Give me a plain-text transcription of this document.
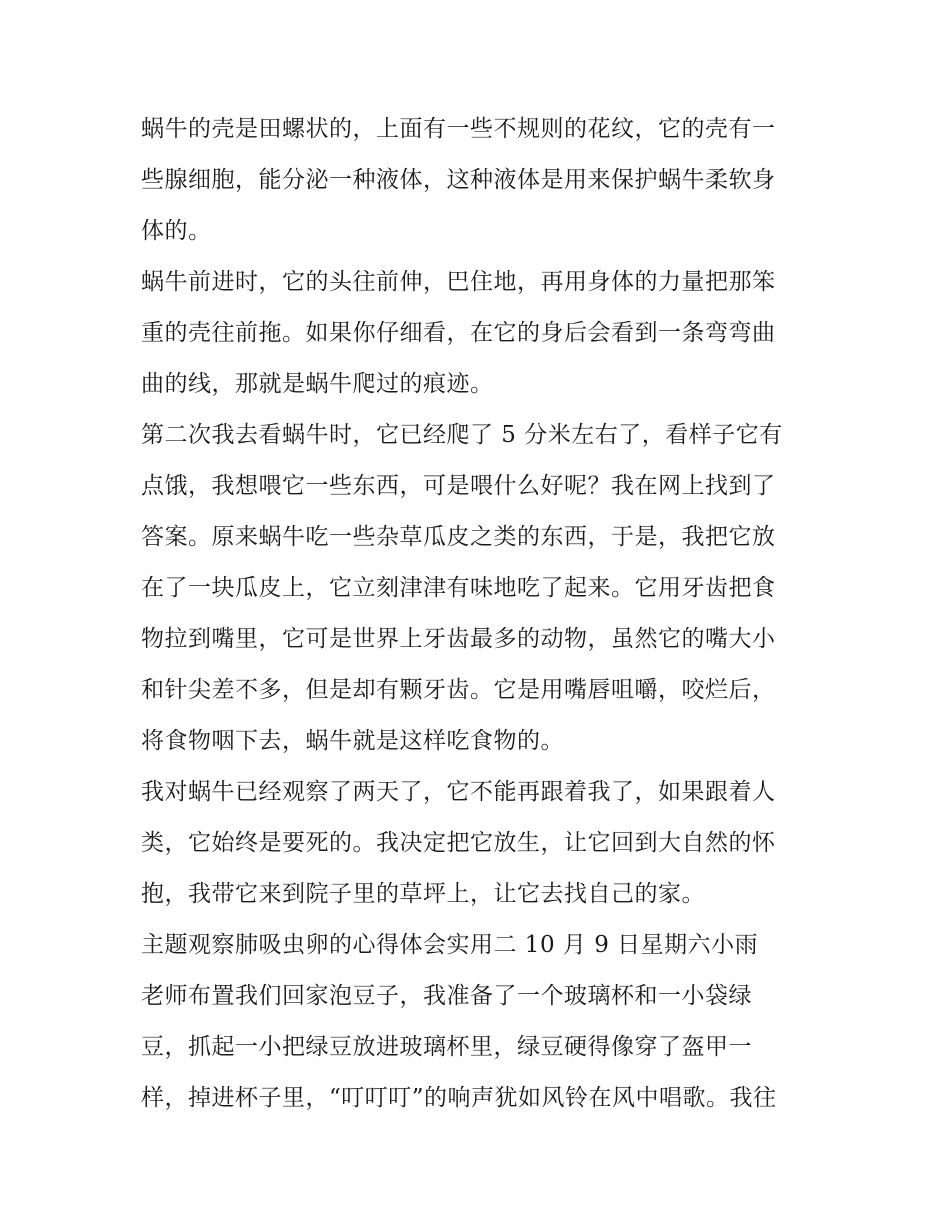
蜗牛的壳是田螺状的，上面有一些不规则的花纹，它的壳有一
些腺细胞，能分泌一种液体，这种液体是用来保护蜗牛柔软身
体的。
蜗牛前进时，它的头往前伸，巴住地，再用身体的力量把那笨
重的壳往前拖。如果你仔细看，在它的身后会看到一条弯弯曲
曲的线，那就是蜗牛爬过的痕迹。
第二次我去看蜗牛时，它已经爬了 5 分米左右了，看样子它有
点饿，我想喂它一些东西，可是喂什么好呢？我在网上找到了
答案。原来蜗牛吃一些杂草瓜皮之类的东西，于是，我把它放
在了一块瓜皮上，它立刻津津有味地吃了起来。它用牙齿把食
物拉到嘴里，它可是世界上牙齿最多的动物，虽然它的嘴大小
和针尖差不多，但是却有颗牙齿。它是用嘴唇咀嚼，咬烂后，
将食物咽下去，蜗牛就是这样吃食物的。
我对蜗牛已经观察了两天了，它不能再跟着我了，如果跟着人
类，它始终是要死的。我决定把它放生，让它回到大自然的怀
抱，我带它来到院子里的草坪上，让它去找自己的家。
主题观察肺吸虫卵的心得体会实用二 10 月 9 日星期六小雨
老师布置我们回家泡豆子，我准备了一个玻璃杯和一小袋绿
豆，抓起一小把绿豆放进玻璃杯里，绿豆硬得像穿了盔甲一
样，掉进杯子里，“叮叮叮”的响声犹如风铃在风中唱歌。我往
